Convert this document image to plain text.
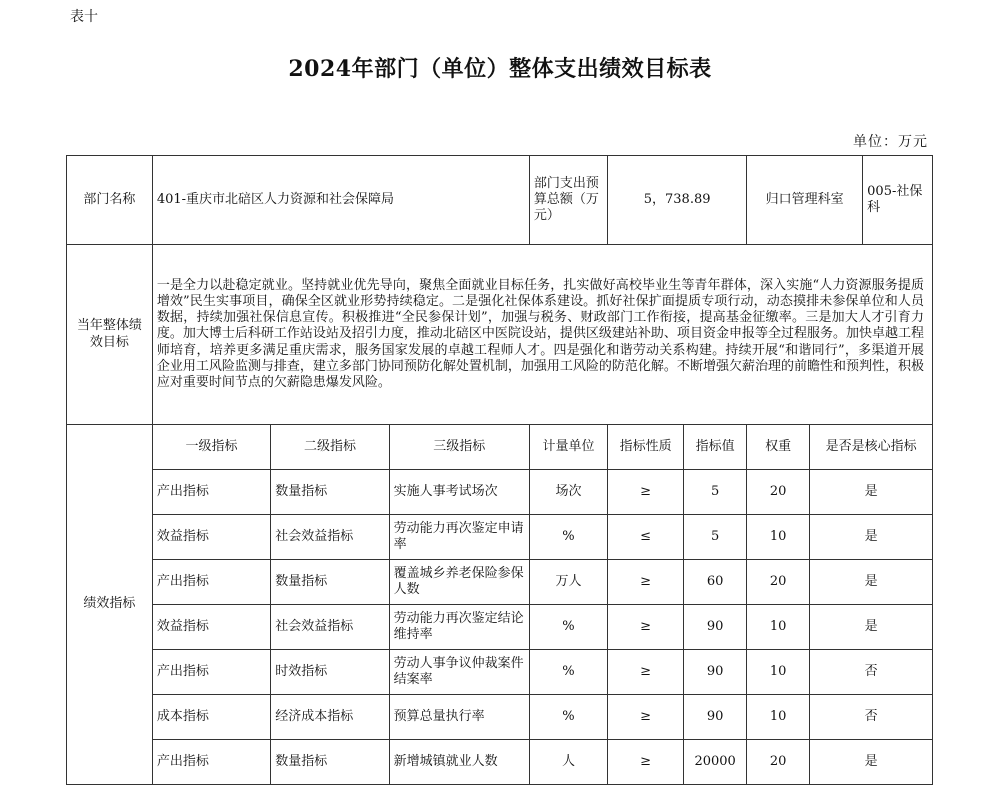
表十
2024年部门（单位）整体支出绩效目标表
单位：万元
部门名称	401-重庆市北碚区人力资源和社会保障局	部门支出预算总额（万元）	5，738.89		归口管理科室	005-社保科

当年整体绩效目标	一是全力以赴稳定就业。坚持就业优先导向，聚焦全面就业目标任务，扎实做好高校毕业生等青年群体，深入实施“人力资源服务提质增效”民生实事项目，确保全区就业形势持续稳定。二是强化社保体系建设。抓好社保扩面提质专项行动，动态摸排未参保单位和人员数据，持续加强社保信息宣传。积极推进“全民参保计划”，加强与税务、财政部门工作衔接，提高基金征缴率。三是加大人才引育力度。加大博士后科研工作站设站及招引力度，推动北碚区中医院设站，提供区级建站补助、项目资金申报等全过程服务。加快卓越工程师培育，培养更多满足重庆需求，服务国家发展的卓越工程师人才。四是强化和谐劳动关系构建。持续开展“和谐同行”，多渠道开展企业用工风险监测与排查，建立多部门协同预防化解处置机制，加强用工风险的防范化解。不断增强欠薪治理的前瞻性和预判性，积极应对重要时间节点的欠薪隐患爆发风险。
绩效指标	一级指标	二级指标	三级指标	计量单位	指标性质	指标值	权重	是否是核心指标
产出指标	数量指标	实施人事考试场次	场次	≥	5	20	是
效益指标	社会效益指标	劳动能力再次鉴定申请率	%	≤	5	10	是
产出指标	数量指标	覆盖城乡养老保险参保人数	万人	≥	60	20	是
效益指标	社会效益指标	劳动能力再次鉴定结论维持率	%	≥	90	10	是
产出指标	时效指标	劳动人事争议仲裁案件结案率	%	≥	90	10	否
成本指标	经济成本指标	预算总量执行率	%	≥	90	10	否
产出指标	数量指标	新增城镇就业人数	人	≥	20000	20	是
